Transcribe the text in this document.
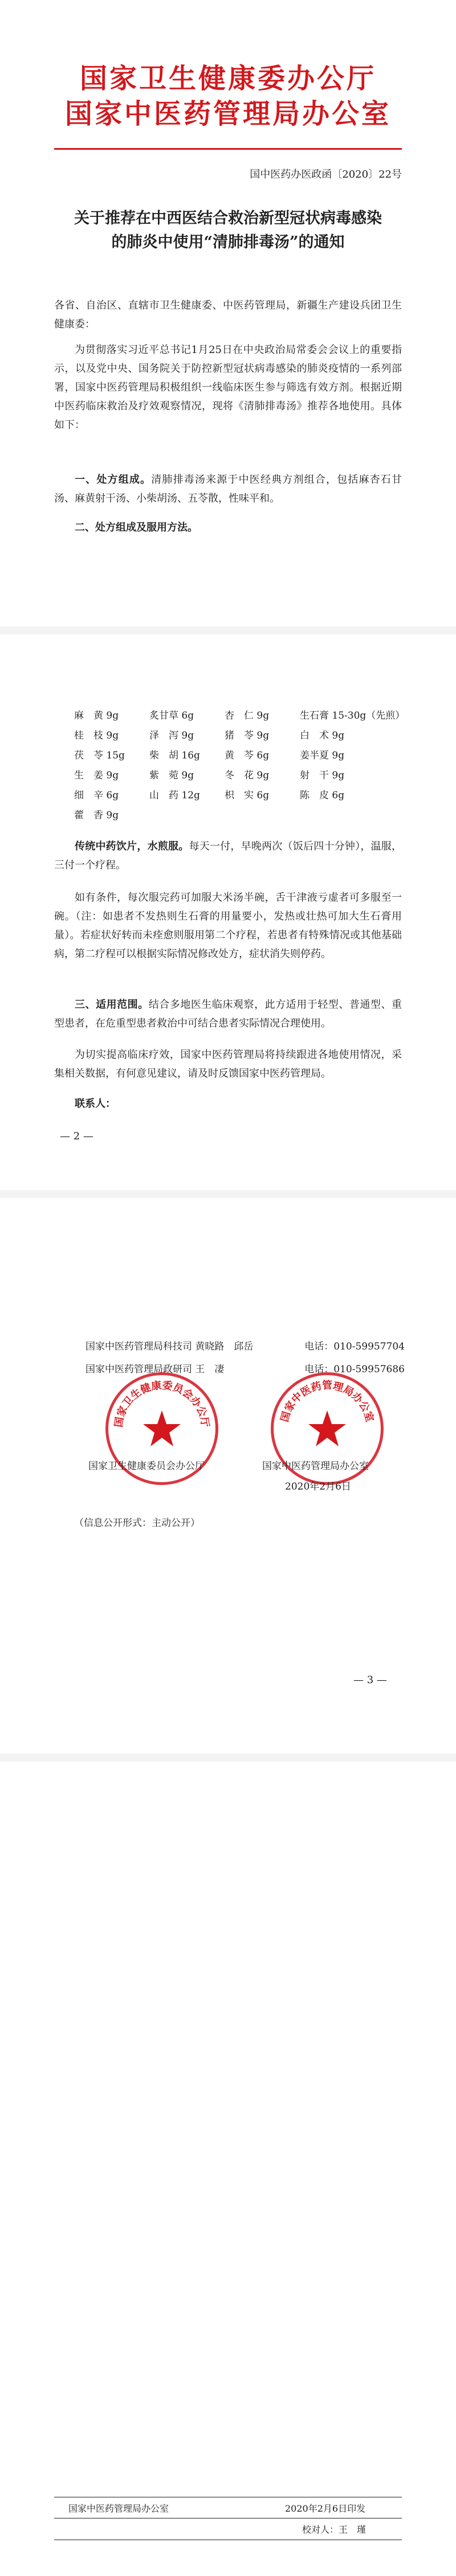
国家卫生健康委办公厅
国家中医药管理局办公室
国中医药办医政函〔2020〕22号
关于推荐在中西医结合救治新型冠状病毒感染
的肺炎中使用“清肺排毒汤”的通知

各省、自治区、直辖市卫生健康委、中医药管理局，新疆生产建设兵团卫生健康委：

为贯彻落实习近平总书记1月25日在中央政治局常委会会议上的重要指示，以及党中央、国务院关于防控新型冠状病毒感染的肺炎疫情的一系列部署，国家中医药管理局积极组织一线临床医生参与筛选有效方剂。根据近期中医药临床救治及疗效观察情况，现将《清肺排毒汤》推荐各地使用。具体如下：

一、处方组成。清肺排毒汤来源于中医经典方剂组合，包括麻杏石甘汤、麻黄射干汤、小柴胡汤、五苓散，性味平和。

二、处方组成及服用方法。
麻　黄 9g	炙甘草 6g	杏　仁 9g	生石膏 15-30g（先煎）
桂　枝 9g	泽　泻 9g	猪　苓 9g	白　术 9g
茯　苓 15g	柴　胡 16g	黄　芩 6g	姜半夏 9g
生　姜 9g	紫　菀 9g	冬　花 9g	射　干 9g
细　辛 6g	山　药 12g	枳　实 6g	陈　皮 6g
藿　香 9g

传统中药饮片，水煎服。每天一付，早晚两次（饭后四十分钟），温服，三付一个疗程。

如有条件，每次服完药可加服大米汤半碗，舌干津液亏虚者可多服至一碗。（注：如患者不发热则生石膏的用量要小，发热或壮热可加大生石膏用量）。若症状好转而未痊愈则服用第二个疗程，若患者有特殊情况或其他基础病，第二疗程可以根据实际情况修改处方，症状消失则停药。

三、适用范围。结合多地医生临床观察，此方适用于轻型、普通型、重型患者，在危重型患者救治中可结合患者实际情况合理使用。

为切实提高临床疗效，国家中医药管理局将持续跟进各地使用情况，采集相关数据，有何意见建议，请及时反馈国家中医药管理局。

联系人：
— 2 —
国家中医药管理局科技司 黄晓路　邱岳	电话：010-59957704
国家中医药管理局政研司 王　凄	电话：010-59957686
国家卫生健康委员会办公厅	国家中医药管理局办公室
国家卫生健康委员会办公厅	国家中医药管理局办公室
2020年2月6日
（信息公开形式：主动公开）
— 3 —
国家中医药管理局办公室	2020年2月6日印发
校对人：王　瑾
